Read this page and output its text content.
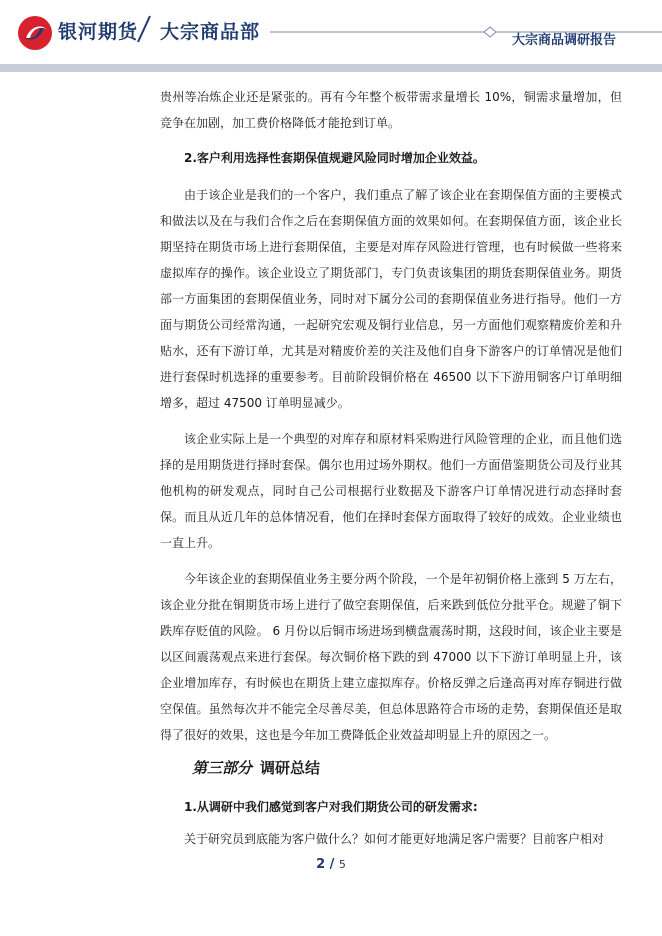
银河期货 大宗商品部	大宗商品调研报告

贵州等冶炼企业还是紧张的。再有今年整个板带需求量增长 10%，铜需求量增加，但竞争在加剧，加工费价格降低才能抢到订单。

2.客户利用选择性套期保值规避风险同时增加企业效益。

由于该企业是我们的一个客户，我们重点了解了该企业在套期保值方面的主要模式和做法以及在与我们合作之后在套期保值方面的效果如何。在套期保值方面，该企业长期坚持在期货市场上进行套期保值，主要是对库存风险进行管理，也有时候做一些将来虚拟库存的操作。该企业设立了期货部门，专门负责该集团的期货套期保值业务。期货部一方面集团的套期保值业务，同时对下属分公司的套期保值业务进行指导。他们一方面与期货公司经常沟通，一起研究宏观及铜行业信息，另一方面他们观察精废价差和升贴水，还有下游订单，尤其是对精废价差的关注及他们自身下游客户的订单情况是他们进行套保时机选择的重要参考。目前阶段铜价格在 46500 以下下游用铜客户订单明细增多，超过 47500 订单明显减少。

该企业实际上是一个典型的对库存和原材料采购进行风险管理的企业，而且他们选择的是用期货进行择时套保。偶尔也用过场外期权。他们一方面借鉴期货公司及行业其他机构的研发观点，同时自己公司根据行业数据及下游客户订单情况进行动态择时套保。而且从近几年的总体情况看，他们在择时套保方面取得了较好的成效。企业业绩也一直上升。

今年该企业的套期保值业务主要分两个阶段，一个是年初铜价格上涨到 5 万左右，该企业分批在铜期货市场上进行了做空套期保值，后来跌到低位分批平仓。规避了铜下跌库存贬值的风险。 6 月份以后铜市场进场到横盘震荡时期，这段时间，该企业主要是以区间震荡观点来进行套保。每次铜价格下跌的到 47000 以下下游订单明显上升，该企业增加库存，有时候也在期货上建立虚拟库存。价格反弹之后逢高再对库存铜进行做空保值。虽然每次并不能完全尽善尽美，但总体思路符合市场的走势，套期保值还是取得了很好的效果，这也是今年加工费降低企业效益却明显上升的原因之一。

第三部分 调研总结

1.从调研中我们感觉到客户对我们期货公司的研发需求:

关于研究员到底能为客户做什么？如何才能更好地满足客户需要？目前客户相对

2 / 5
